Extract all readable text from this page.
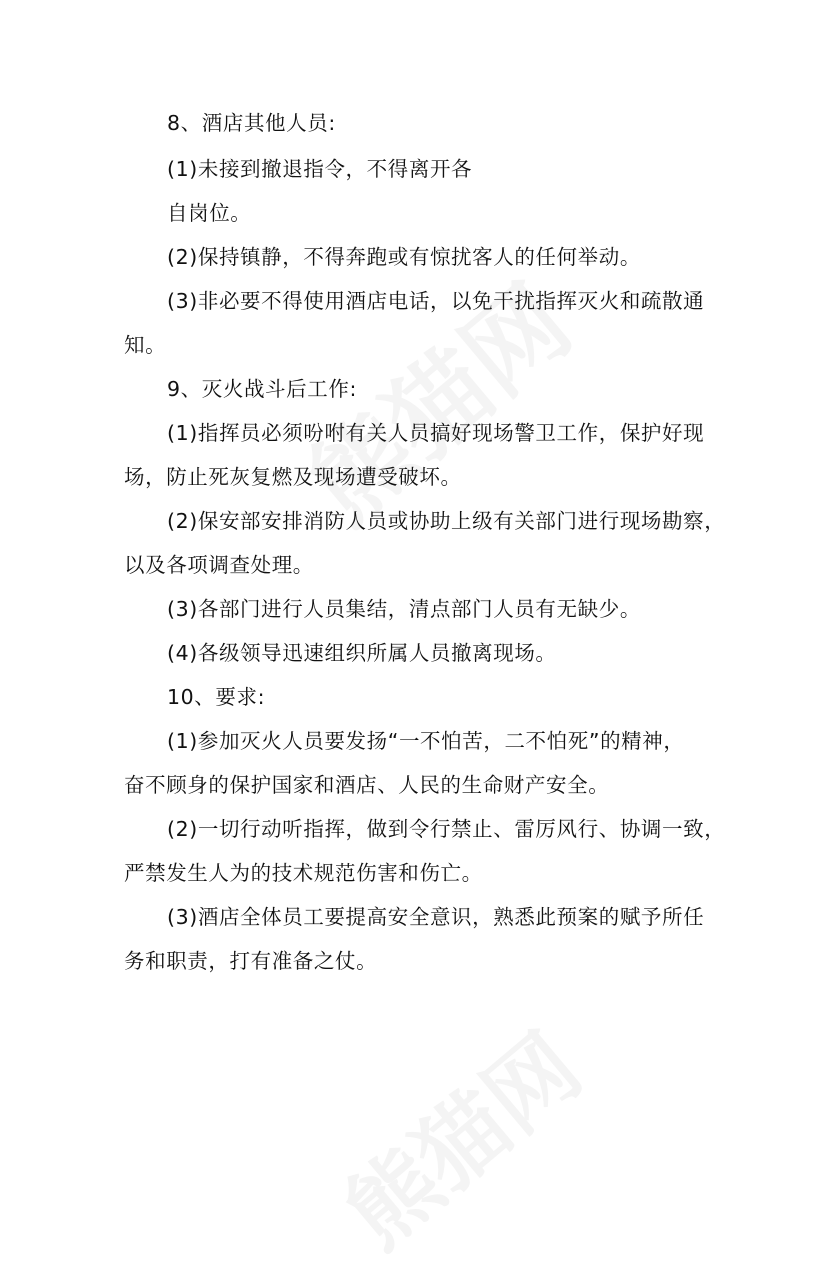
8、酒店其他人员:
(1)未接到撤退指令，不得离开各
自岗位。
(2)保持镇静，不得奔跑或有惊扰客人的任何举动。
(3)非必要不得使用酒店电话，以免干扰指挥灭火和疏散通
知。
9、灭火战斗后工作:
(1)指挥员必须吩咐有关人员搞好现场警卫工作，保护好现
场，防止死灰复燃及现场遭受破坏。
(2)保安部安排消防人员或协助上级有关部门进行现场勘察，
以及各项调查处理。
(3)各部门进行人员集结，清点部门人员有无缺少。
(4)各级领导迅速组织所属人员撤离现场。
10、要求:
(1)参加灭火人员要发扬“一不怕苦，二不怕死”的精神，
奋不顾身的保护国家和酒店、人民的生命财产安全。
(2)一切行动听指挥，做到令行禁止、雷厉风行、协调一致，
严禁发生人为的技术规范伤害和伤亡。
(3)酒店全体员工要提高安全意识，熟悉此预案的赋予所任
务和职责，打有准备之仗。
